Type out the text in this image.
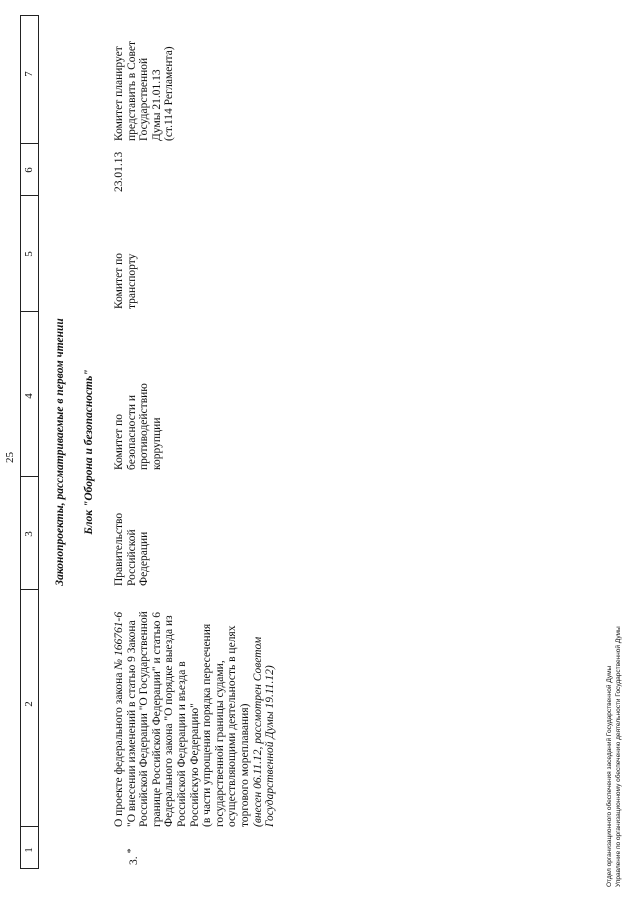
25
1
2
3
4
5
6
7
Законопроекты, рассматриваемые в первом чтении Блок "Оборона и безопасность"

3.*

О проекте федерального закона № 166761-6
"О внесении изменений в статью 9 Закона
Российской Федерации "О Государственной
границе Российской Федерации" и статью 6
Федерального закона "О порядке выезда из
Российской Федерации и въезда в
Российскую Федерацию"
(в части упрощения порядка пересечения
государственной границы судами,
осуществляющими деятельность в целях
торгового мореплавания)
(внесен 06.11.12, рассмотрен Советом
Государственной Думы 19.11.12)
Правительство
Российской
Федерации
Комитет по
безопасности и
противодействию
коррупции
Комитет по
транспорту
23.01.13
Комитет планирует
представить в Совет
Государственной
Думы 21.01.13
(ст.114 Регламента)
Отдел организационного обеспечения заседаний Государственной Думы Управление по организационному обеспечению деятельности Государственной Думы
